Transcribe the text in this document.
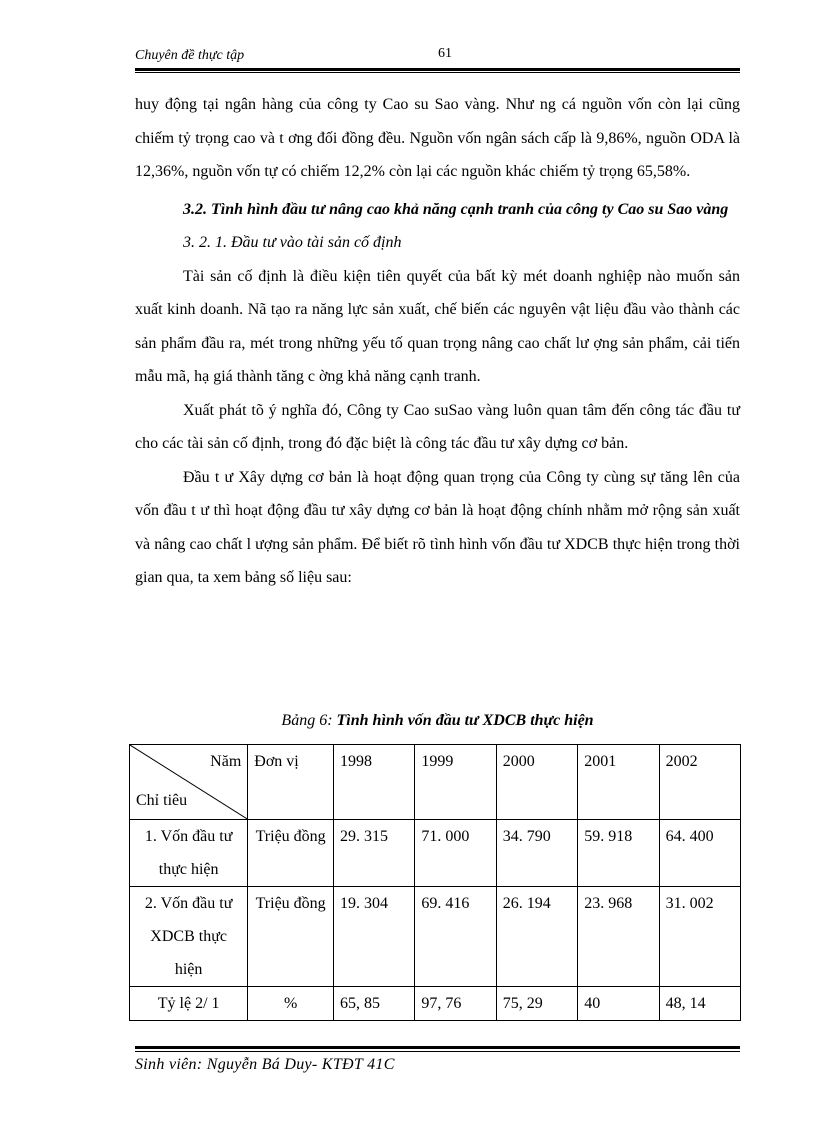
Chuyên đề thực tập	61

huy động tại ngân hàng của công ty Cao su Sao vàng. Như ng cá nguồn vốn còn lại cũng chiếm tỷ trọng cao và t ơng đối đồng đều. Nguồn vốn ngân sách cấp là 9,86%, nguồn ODA là 12,36%, nguồn vốn tự có chiếm 12,2% còn lại các nguồn khác chiếm tỷ trọng 65,58%.

3.2. Tình hình đầu tư nâng cao khả năng cạnh tranh của công ty Cao su Sao vàng

3. 2. 1. Đầu tư vào tài sản cố định

Tài sản cố định là điều kiện tiên quyết của bất kỳ mét doanh nghiệp nào muốn sản xuất kinh doanh. Nã tạo ra năng lực sản xuất, chế biến các nguyên vật liệu đầu vào thành các sản phẩm đầu ra, mét trong những yếu tố quan trọng nâng cao chất lư ợng sản phẩm, cải tiến mẫu mã, hạ giá thành tăng c ờng khả năng cạnh tranh.

Xuất phát tõ ý nghĩa đó, Công ty Cao suSao vàng luôn quan tâm đến công tác đầu tư cho các tài sản cố định, trong đó đặc biệt là công tác đầu tư xây dựng cơ bản.

Đầu t ư Xây dựng cơ bản là hoạt động quan trọng của Công ty cùng sự tăng lên của vốn đầu t ư thì hoạt động đầu tư xây dựng cơ bản là hoạt động chính nhằm mở rộng sản xuất và nâng cao chất l ượng sản phẩm. Để biết rõ tình hình vốn đầu tư XDCB thực hiện trong thời gian qua, ta xem bảng số liệu sau:

Bảng 6: Tình hình vốn đầu tư XDCB thực hiện
Năm
Chỉ tiêu	Đơn vị	1998	1999	2000	2001	2002
1. Vốn đầu tư thực hiện	Triệu đồng	29. 315	71. 000	34. 790	59. 918	64. 400
2. Vốn đầu tư XDCB thực hiện	Triệu đồng	19. 304	69. 416	26. 194	23. 968	31. 002
Tỷ lệ 2/ 1	%	65, 85	97, 76	75, 29	40	48, 14
Sinh viên: Nguyễn Bá Duy- KTĐT 41C
